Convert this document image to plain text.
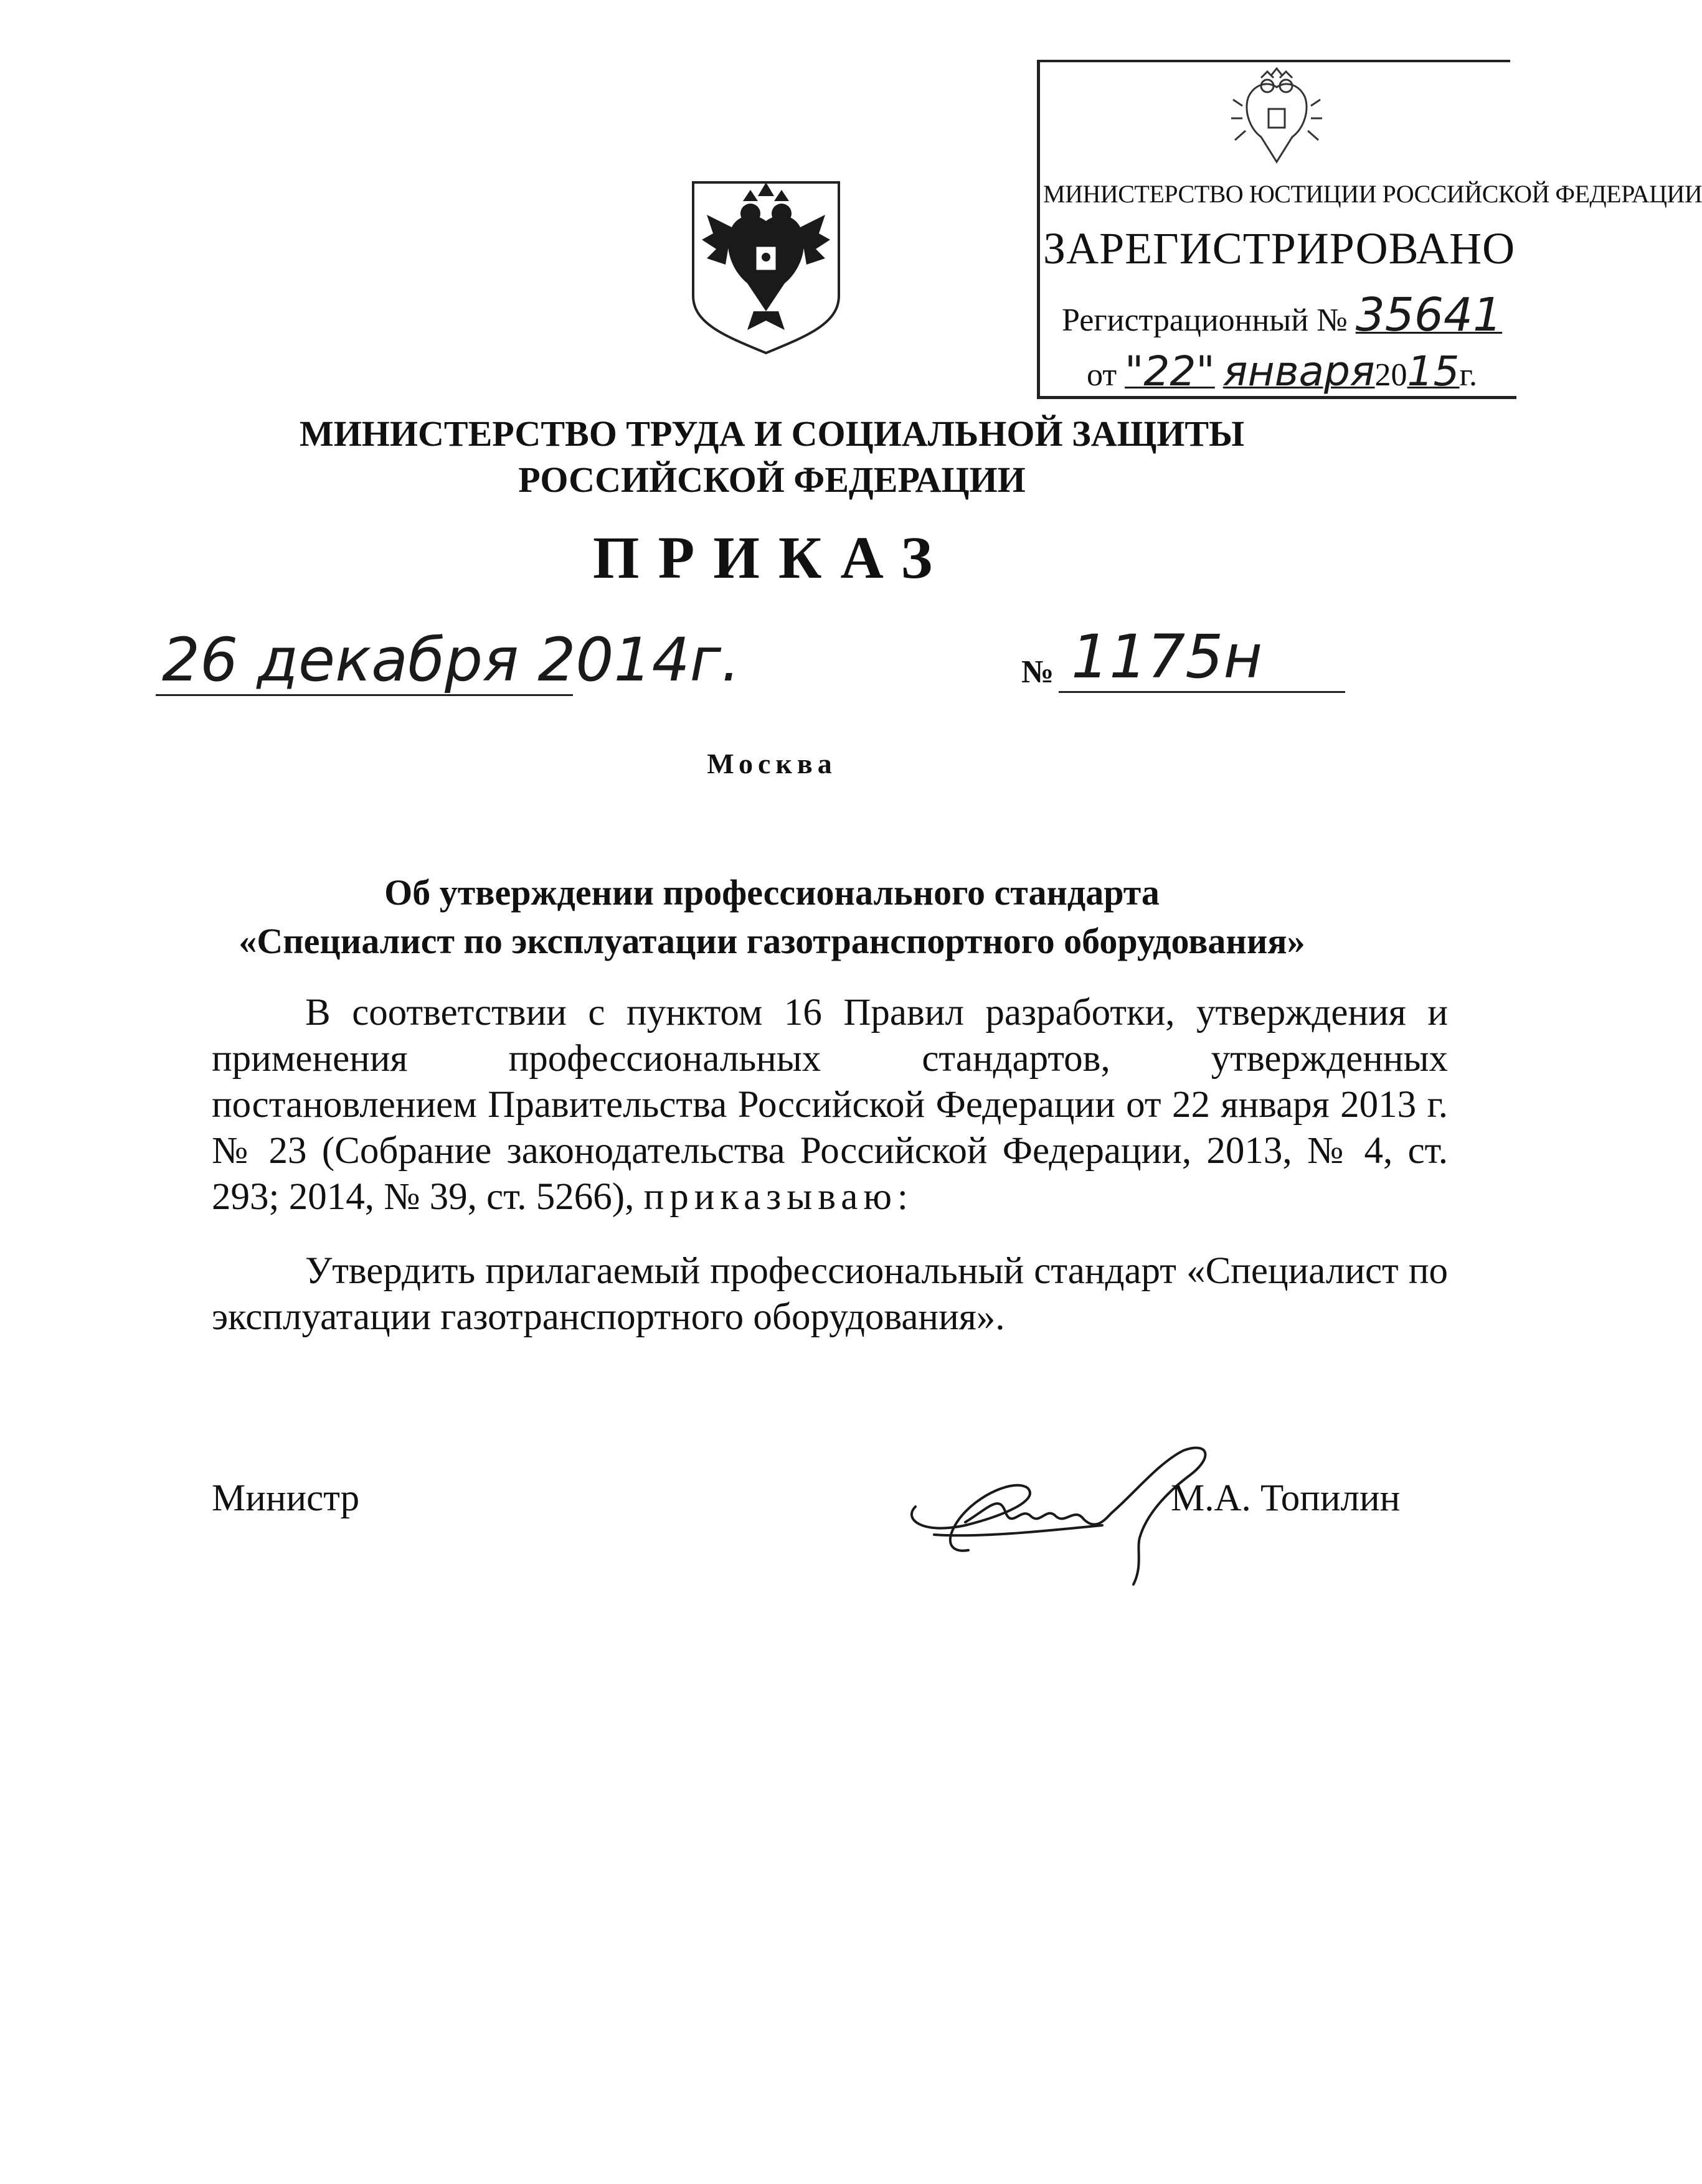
МИНИСТЕРСТВО ЮСТИЦИИ РОССИЙСКОЙ ФЕДЕРАЦИИ
ЗАРЕГИСТРИРОВАНО
Регистрационный № 35641
от "22" января2015г.
МИНИСТЕРСТВО ТРУДА И СОЦИАЛЬНОЙ ЗАЩИТЫ
РОССИЙСКОЙ ФЕДЕРАЦИИ
ПРИКАЗ
26 декабря 2014г.	№ 1175н
Москва
Об утверждении профессионального стандарта
«Специалист по эксплуатации газотранспортного оборудования»
В соответствии с пунктом 16 Правил разработки, утверждения и применения профессиональных стандартов, утвержденных постановлением Правительства Российской Федерации от 22 января 2013 г. № 23 (Собрание законодательства Российской Федерации, 2013, № 4, ст. 293; 2014, № 39, ст. 5266), приказываю:
Утвердить прилагаемый профессиональный стандарт «Специалист по эксплуатации газотранспортного оборудования».
Министр	М.А. Топилин
